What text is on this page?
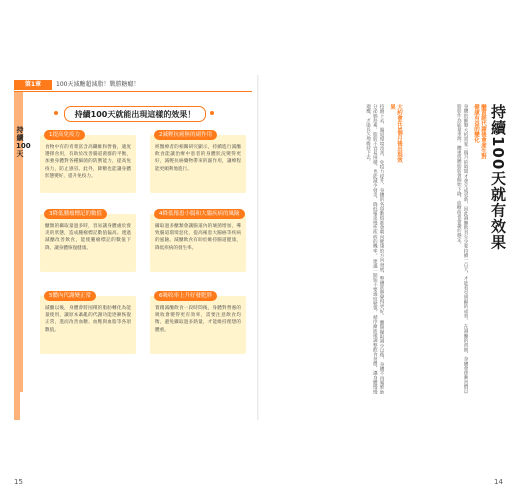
第1章	100天減醣超減脂！戰勝糖癮！
持續100天
持續100天就能出現這樣的效果！
1提高免疫力
食物中有的青菜富含高纖維和營養，適度選擇食用，有助於改善腸道菌群的平衡，加強身體對各種細菌的防禦能力，提高免疫力，防止感冒。此外，降糖也能讓身體狀態變好，提升免疫力。
2減輕抗癌無的副作用
經醫療者的相關研究顯示，持續進行減醣飲食能讓治療中患者的身體狀況變得更好，減輕抗癌藥物帶來的副作用，讓療程能更順利地進行。
3降低腫瘤標記的數值
醣類的攝取量過多時，容易讓身體處於發炎的狀態，造成腫瘤標記數值偏高。透過減醣改善飲食，能使腫瘤標記的數值下降，讓身體恢復健康。
4降低罹患小腸和大腸疾病的風險
攝取過多醣類會讓腸道內的壞菌增加，導致腸道環境惡化，提高罹患大腸癌等疾病的風險。減醣飲食有助於維持腸道健康，降低疾病的發生率。
5體內代謝變正常
減醣以後，身體會將囤積的脂肪轉化為能量使用，讓原本紊亂的代謝功能逐漸恢復正常，進而改善血糖、血壓與血脂等各項數值。
6吸收率上升好發肥胖
實踐減醣飲食一段時間後，身體對營養的吸收會變得更有效率，需要注意飲食均衡，避免攝取過多熱量，才能維持理想的體重。
持續100天就有效果
醣質經代謝後會產生對健康有益的變化
身體的細胞大約需要三個月的時間才會完成更新，因此減醣飲食至少要持續一百天，才能看見明顯的成效。 在減醣的初期，身體會逐漸習慣以脂肪作為能量來源，體重與體脂肪會開始下降，血糖值也會趨於穩定。
大約會在3個月後出現效果
持續下去，腸道環境改善、免疫力提升，身體的各項數值都會朝向健康的方向發展，整體狀態變得更好。 醣類攝取減少以後，身體不再頻繁地分泌胰島素，脂肪不容易囤積，也能減少發炎，降低罹患慢性疾病的機率。 建議一開始不要過度勉強，循序漸進地調整飲食習慣，讓身體慢慢適應，才能長久地維持下去。
15	14
